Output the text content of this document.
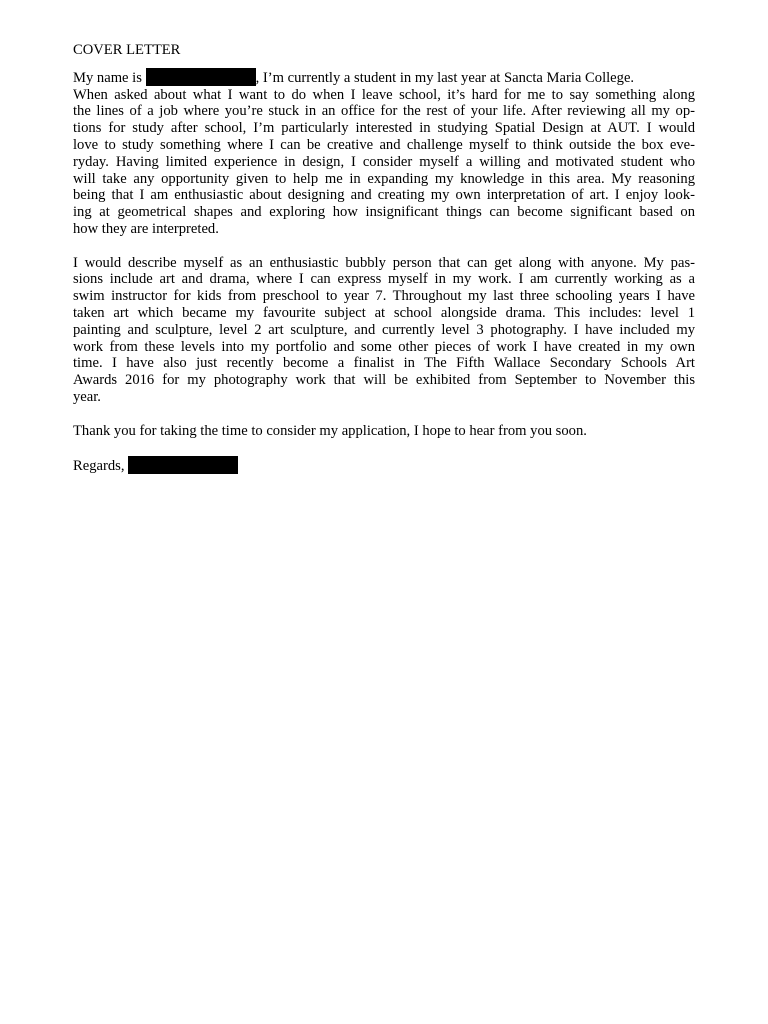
COVER LETTER
My name is	, I’m currently a student in my last year at Sancta Maria College.
When asked about what I want to do when I leave school, it’s hard for me to say something along
the lines of a job where you’re stuck in an office for the rest of your life. After reviewing all my op-
tions for study after school, I’m particularly interested in studying Spatial Design at AUT. I would
love to study something where I can be creative and challenge myself to think outside the box eve-
ryday. Having limited experience in design, I consider myself a willing and motivated student who
will take any opportunity given to help me in expanding my knowledge in this area. My reasoning
being that I am enthusiastic about designing and creating my own interpretation of art. I enjoy look-
ing at geometrical shapes and exploring how insignificant things can become significant based on
how they are interpreted.
I would describe myself as an enthusiastic bubbly person that can get along with anyone. My pas-
sions include art and drama, where I can express myself in my work. I am currently working as a
swim instructor for kids from preschool to year 7. Throughout my last three schooling years I have
taken art which became my favourite subject at school alongside drama. This includes: level 1
painting and sculpture, level 2 art sculpture, and currently level 3 photography. I have included my
work from these levels into my portfolio and some other pieces of work I have created in my own
time. I have also just recently become a finalist in The Fifth Wallace Secondary Schools Art
Awards 2016 for my photography work that will be exhibited from September to November this
year.
Thank you for taking the time to consider my application, I hope to hear from you soon.
Regards,
